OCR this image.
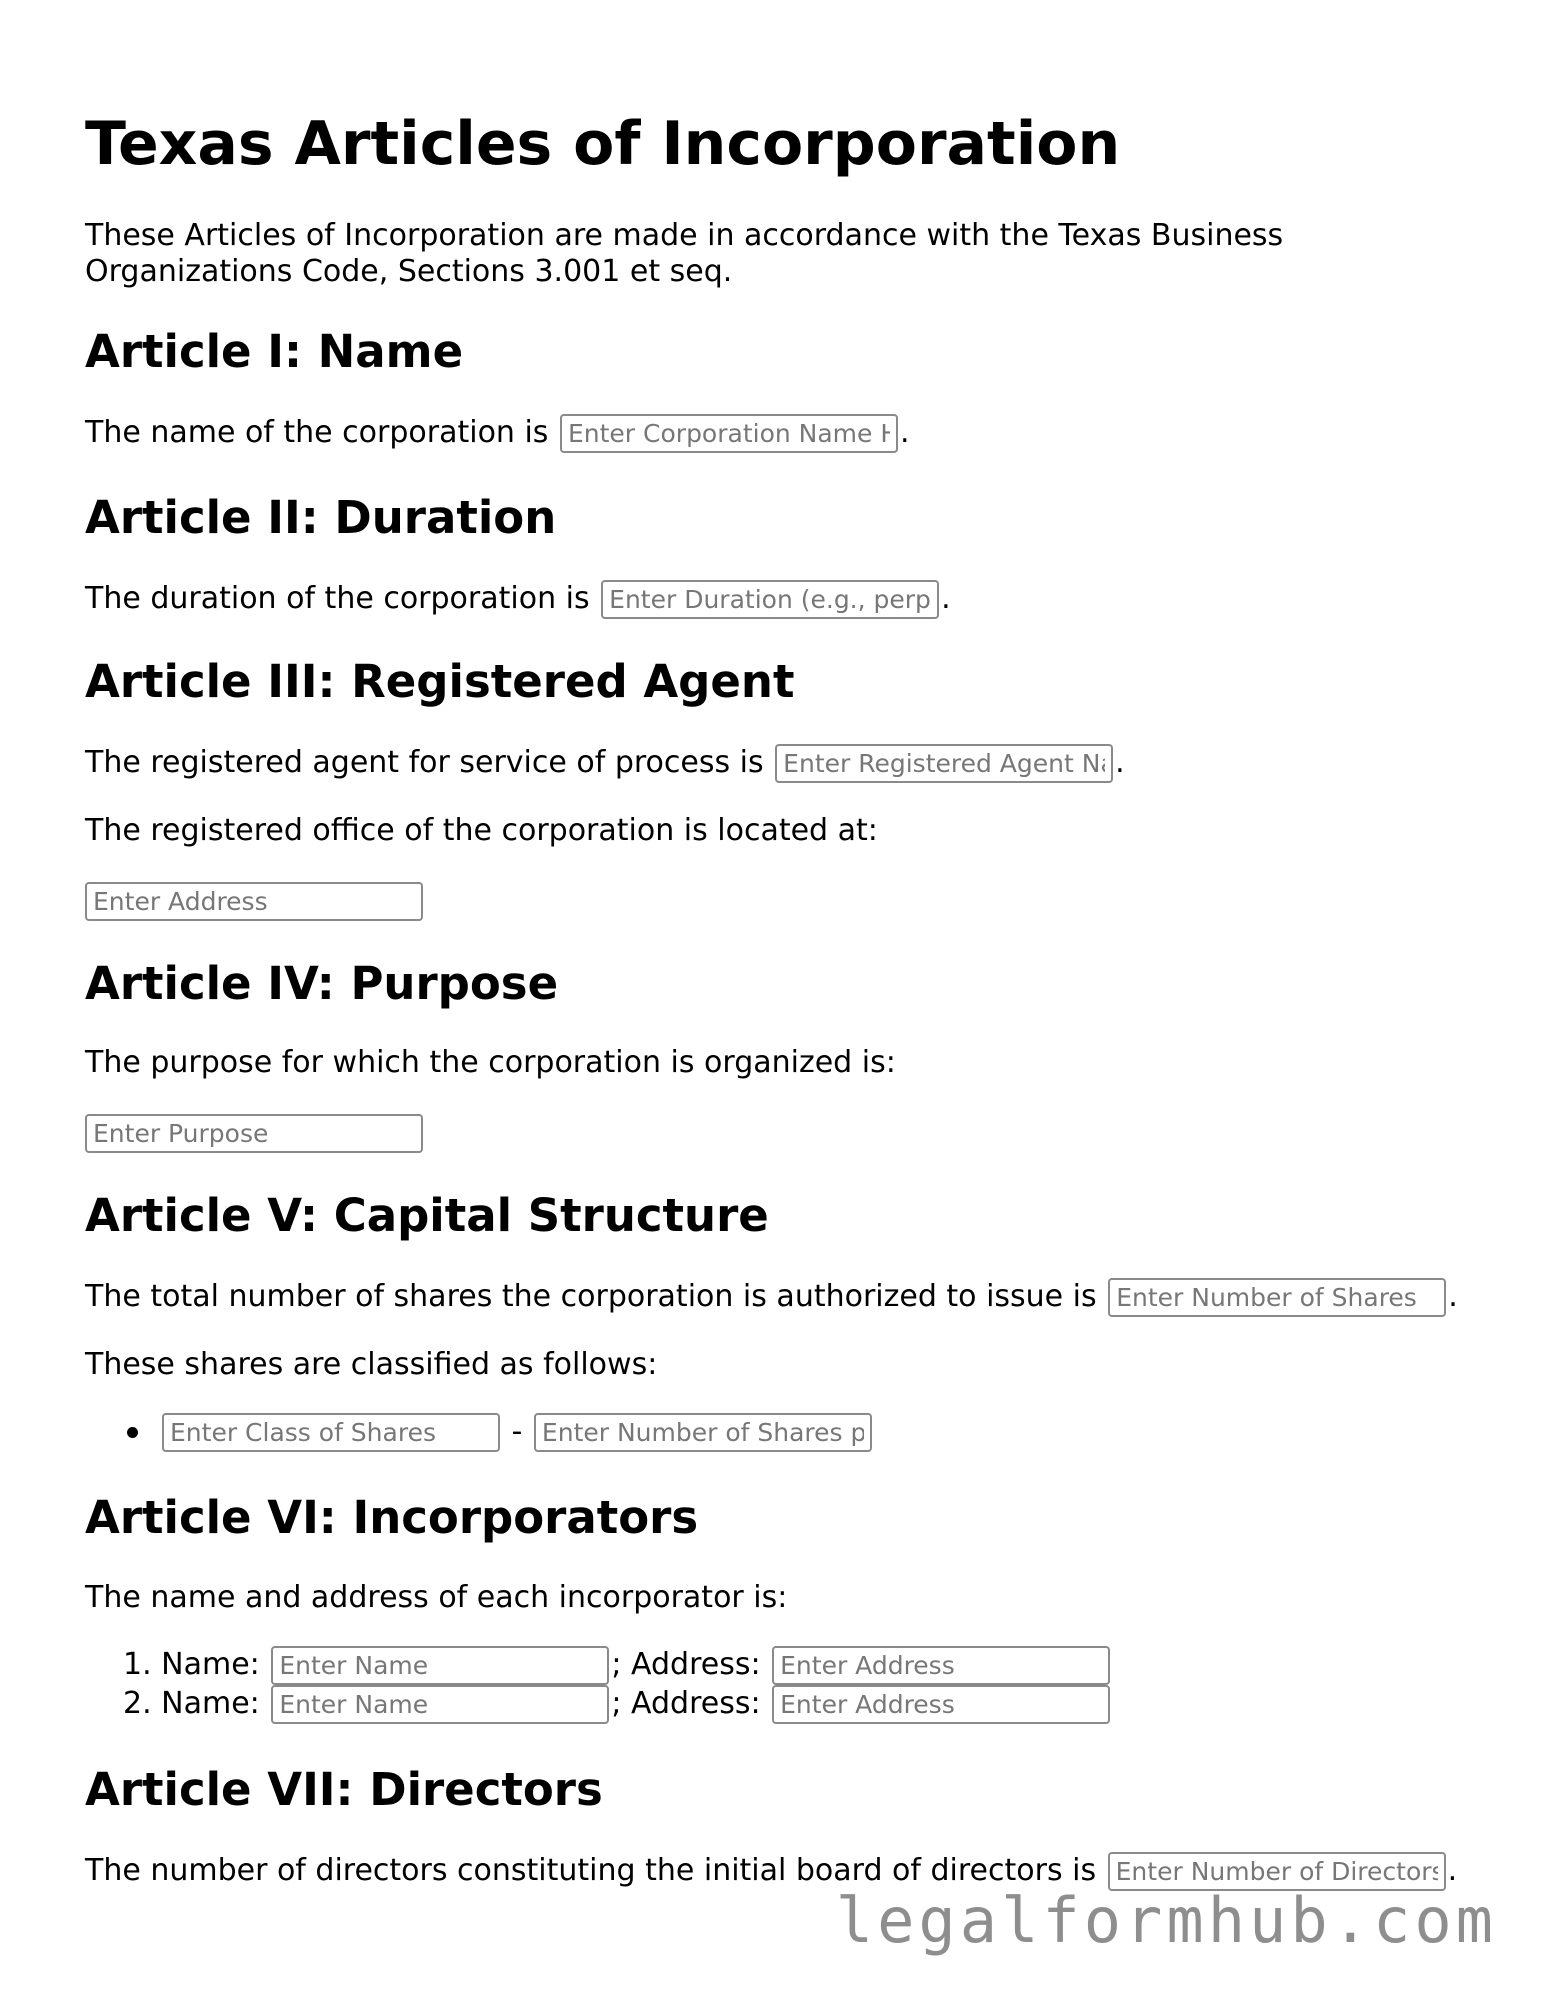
Texas Articles of Incorporation

These Articles of Incorporation are made in accordance with the Texas Business Organizations Code, Sections 3.001 et seq.

Article I: Name
The name of the corporation is Enter Corporation Name Here	.
Article II: Duration
The duration of the corporation is Enter Duration (e.g., perpetual)	.
Article III: Registered Agent
The registered agent for service of process is Enter Registered Agent Name	.
The registered office of the corporation is located at:
Enter Address
Article IV: Purpose
The purpose for which the corporation is organized is:
Enter Purpose
Article V: Capital Structure
The total number of shares the corporation is authorized to issue is Enter Number of Shares	.
These shares are classified as follows:
Enter Class of Shares - Enter Number of Shares per Class
Article VI: Incorporators
The name and address of each incorporator is:
1. Name: Enter Name	; Address: Enter Address
2. Name: Enter Name	; Address: Enter Address
Article VII: Directors
The number of directors constituting the initial board of directors is Enter Number of Directors	.
legalformhub.com
